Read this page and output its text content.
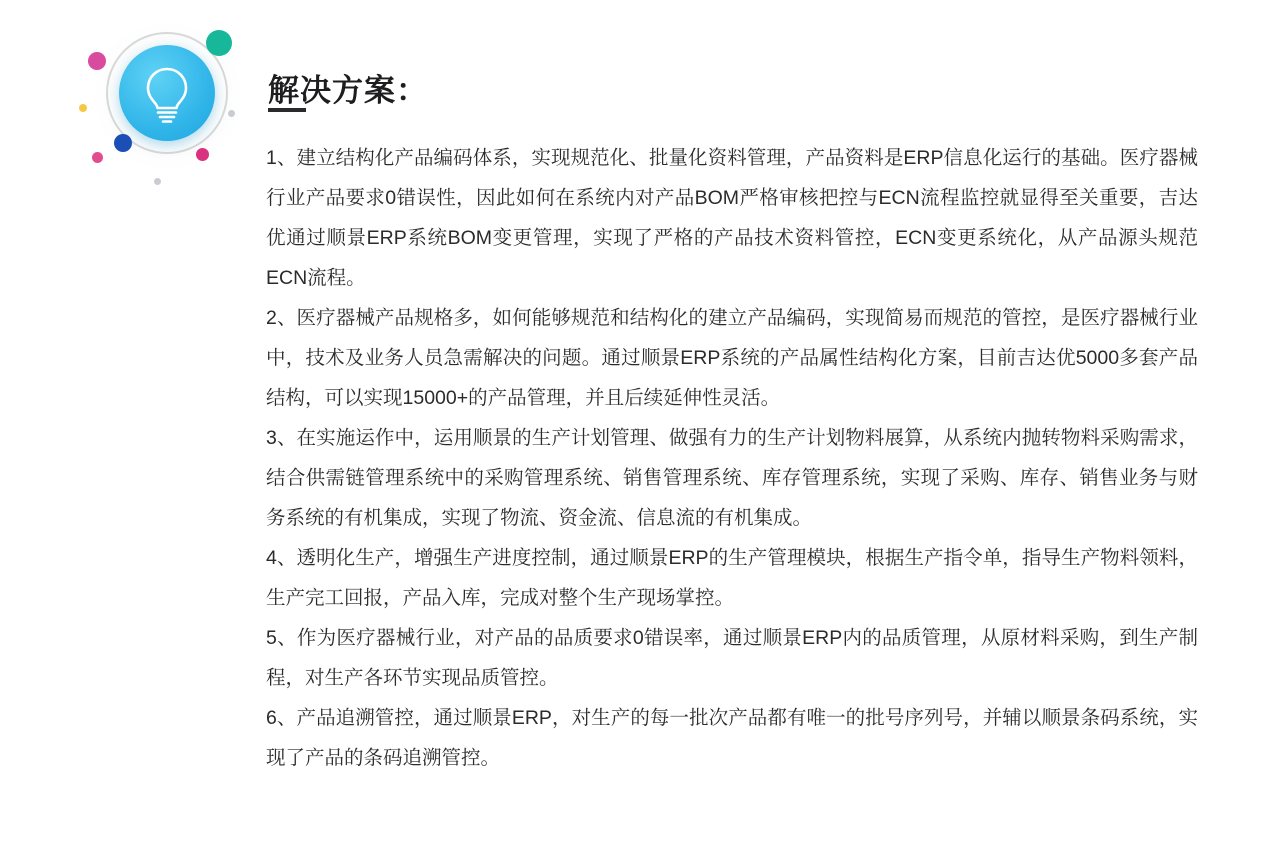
解决方案：

1、建立结构化产品编码体系，实现规范化、批量化资料管理，产品资料是ERP信息化运行的基础。医疗器械行业产品要求0错误性，因此如何在系统内对产品BOM严格审核把控与ECN流程监控就显得至关重要，吉达优通过顺景ERP系统BOM变更管理，实现了严格的产品技术资料管控，ECN变更系统化，从产品源头规范ECN流程。

2、医疗器械产品规格多，如何能够规范和结构化的建立产品编码，实现简易而规范的管控，是医疗器械行业中，技术及业务人员急需解决的问题。通过顺景ERP系统的产品属性结构化方案，目前吉达优5000多套产品结构，可以实现15000+的产品管理，并且后续延伸性灵活。

3、在实施运作中，运用顺景的生产计划管理、做强有力的生产计划物料展算，从系统内抛转物料采购需求，结合供需链管理系统中的采购管理系统、销售管理系统、库存管理系统，实现了采购、库存、销售业务与财务系统的有机集成，实现了物流、资金流、信息流的有机集成。

4、透明化生产，增强生产进度控制，通过顺景ERP的生产管理模块，根据生产指令单，指导生产物料领料，生产完工回报，产品入库，完成对整个生产现场掌控。

5、作为医疗器械行业，对产品的品质要求0错误率，通过顺景ERP内的品质管理，从原材料采购，到生产制程，对生产各环节实现品质管控。

6、产品追溯管控，通过顺景ERP，对生产的每一批次产品都有唯一的批号序列号，并辅以顺景条码系统，实现了产品的条码追溯管控。
